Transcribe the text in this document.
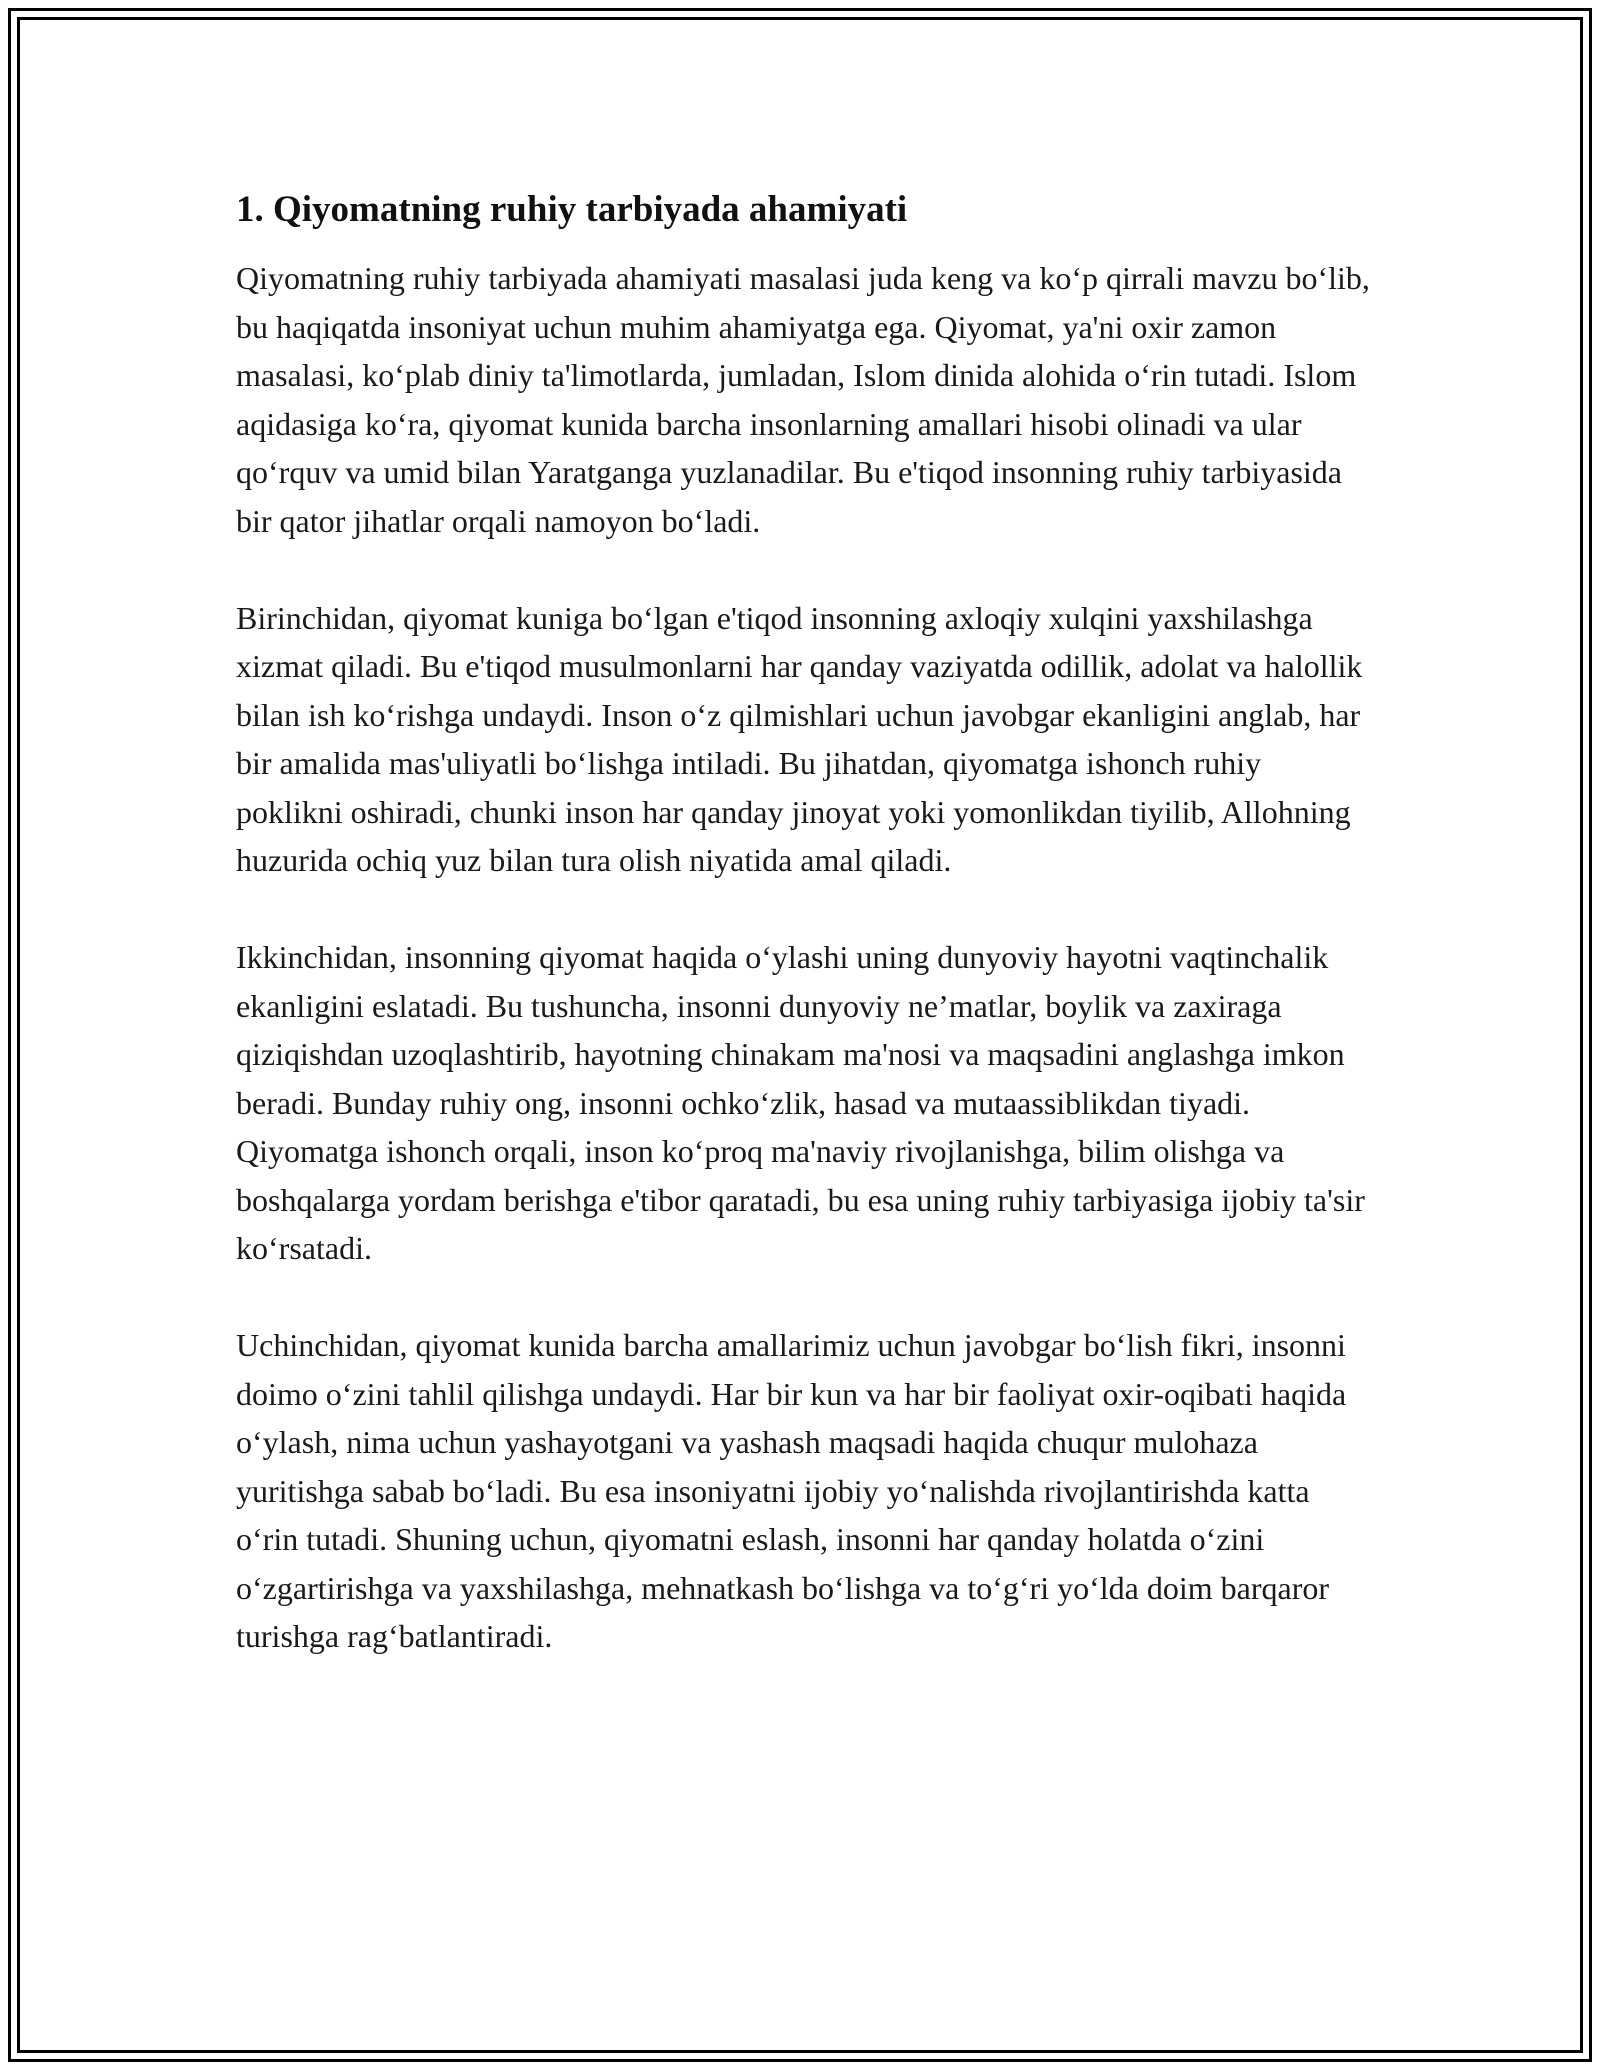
1. Qiyomatning ruhiy tarbiyada ahamiyati

Qiyomatning ruhiy tarbiyada ahamiyati masalasi juda keng va ko‘p qirrali mavzu bo‘lib, bu haqiqatda insoniyat uchun muhim ahamiyatga ega. Qiyomat, ya'ni oxir zamon masalasi, ko‘plab diniy ta'limotlarda, jumladan, Islom dinida alohida o‘rin tutadi. Islom aqidasiga ko‘ra, qiyomat kunida barcha insonlarning amallari hisobi olinadi va ular qo‘rquv va umid bilan Yaratganga yuzlanadilar. Bu e'tiqod insonning ruhiy tarbiyasida bir qator jihatlar orqali namoyon bo‘ladi.

Birinchidan, qiyomat kuniga bo‘lgan e'tiqod insonning axloqiy xulqini yaxshilashga xizmat qiladi. Bu e'tiqod musulmonlarni har qanday vaziyatda odillik, adolat va halollik bilan ish ko‘rishga undaydi. Inson o‘z qilmishlari uchun javobgar ekanligini anglab, har bir amalida mas'uliyatli bo‘lishga intiladi. Bu jihatdan, qiyomatga ishonch ruhiy poklikni oshiradi, chunki inson har qanday jinoyat yoki yomonlikdan tiyilib, Allohning huzurida ochiq yuz bilan tura olish niyatida amal qiladi.

Ikkinchidan, insonning qiyomat haqida o‘ylashi uning dunyoviy hayotni vaqtinchalik ekanligini eslatadi. Bu tushuncha, insonni dunyoviy ne’matlar, boylik va zaxiraga qiziqishdan uzoqlashtirib, hayotning chinakam ma'nosi va maqsadini anglashga imkon beradi. Bunday ruhiy ong, insonni ochko‘zlik, hasad va mutaassiblikdan tiyadi. Qiyomatga ishonch orqali, inson ko‘proq ma'naviy rivojlanishga, bilim olishga va boshqalarga yordam berishga e'tibor qaratadi, bu esa uning ruhiy tarbiyasiga ijobiy ta'sir ko‘rsatadi.

Uchinchidan, qiyomat kunida barcha amallarimiz uchun javobgar bo‘lish fikri, insonni doimo o‘zini tahlil qilishga undaydi. Har bir kun va har bir faoliyat oxir-oqibati haqida o‘ylash, nima uchun yashayotgani va yashash maqsadi haqida chuqur mulohaza yuritishga sabab bo‘ladi. Bu esa insoniyatni ijobiy yo‘nalishda rivojlantirishda katta o‘rin tutadi. Shuning uchun, qiyomatni eslash, insonni har qanday holatda o‘zini o‘zgartirishga va yaxshilashga, mehnatkash bo‘lishga va to‘g‘ri yo‘lda doim barqaror turishga rag‘batlantiradi.
